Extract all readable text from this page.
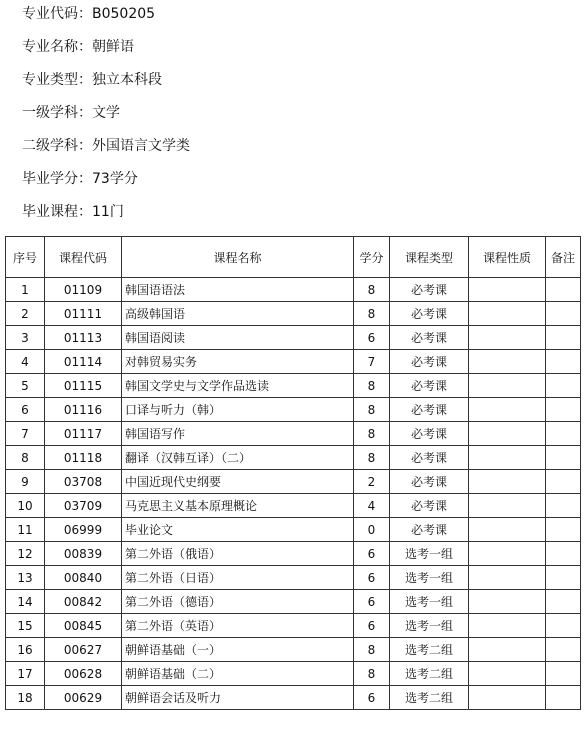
专业代码：B050205
专业名称：朝鲜语
专业类型：独立本科段
一级学科：文学
二级学科：外国语言文学类
毕业学分：73学分
毕业课程：11门
序号	课程代码	课程名称	学分	课程类型	课程性质	备注
1	01109	韩国语语法	8	必考课		
2	01111	高级韩国语	8	必考课		
3	01113	韩国语阅读	6	必考课		
4	01114	对韩贸易实务	7	必考课		
5	01115	韩国文学史与文学作品选读	8	必考课		
6	01116	口译与听力（韩）	8	必考课		
7	01117	韩国语写作	8	必考课		
8	01118	翻译（汉韩互译）（二）	8	必考课		
9	03708	中国近现代史纲要	2	必考课		
10	03709	马克思主义基本原理概论	4	必考课		
11	06999	毕业论文	0	必考课		
12	00839	第二外语（俄语）	6	选考一组		
13	00840	第二外语（日语）	6	选考一组		
14	00842	第二外语（德语）	6	选考一组		
15	00845	第二外语（英语）	6	选考一组		
16	00627	朝鲜语基础（一）	8	选考二组		
17	00628	朝鲜语基础（二）	8	选考二组		
18	00629	朝鲜语会话及听力	6	选考二组		
